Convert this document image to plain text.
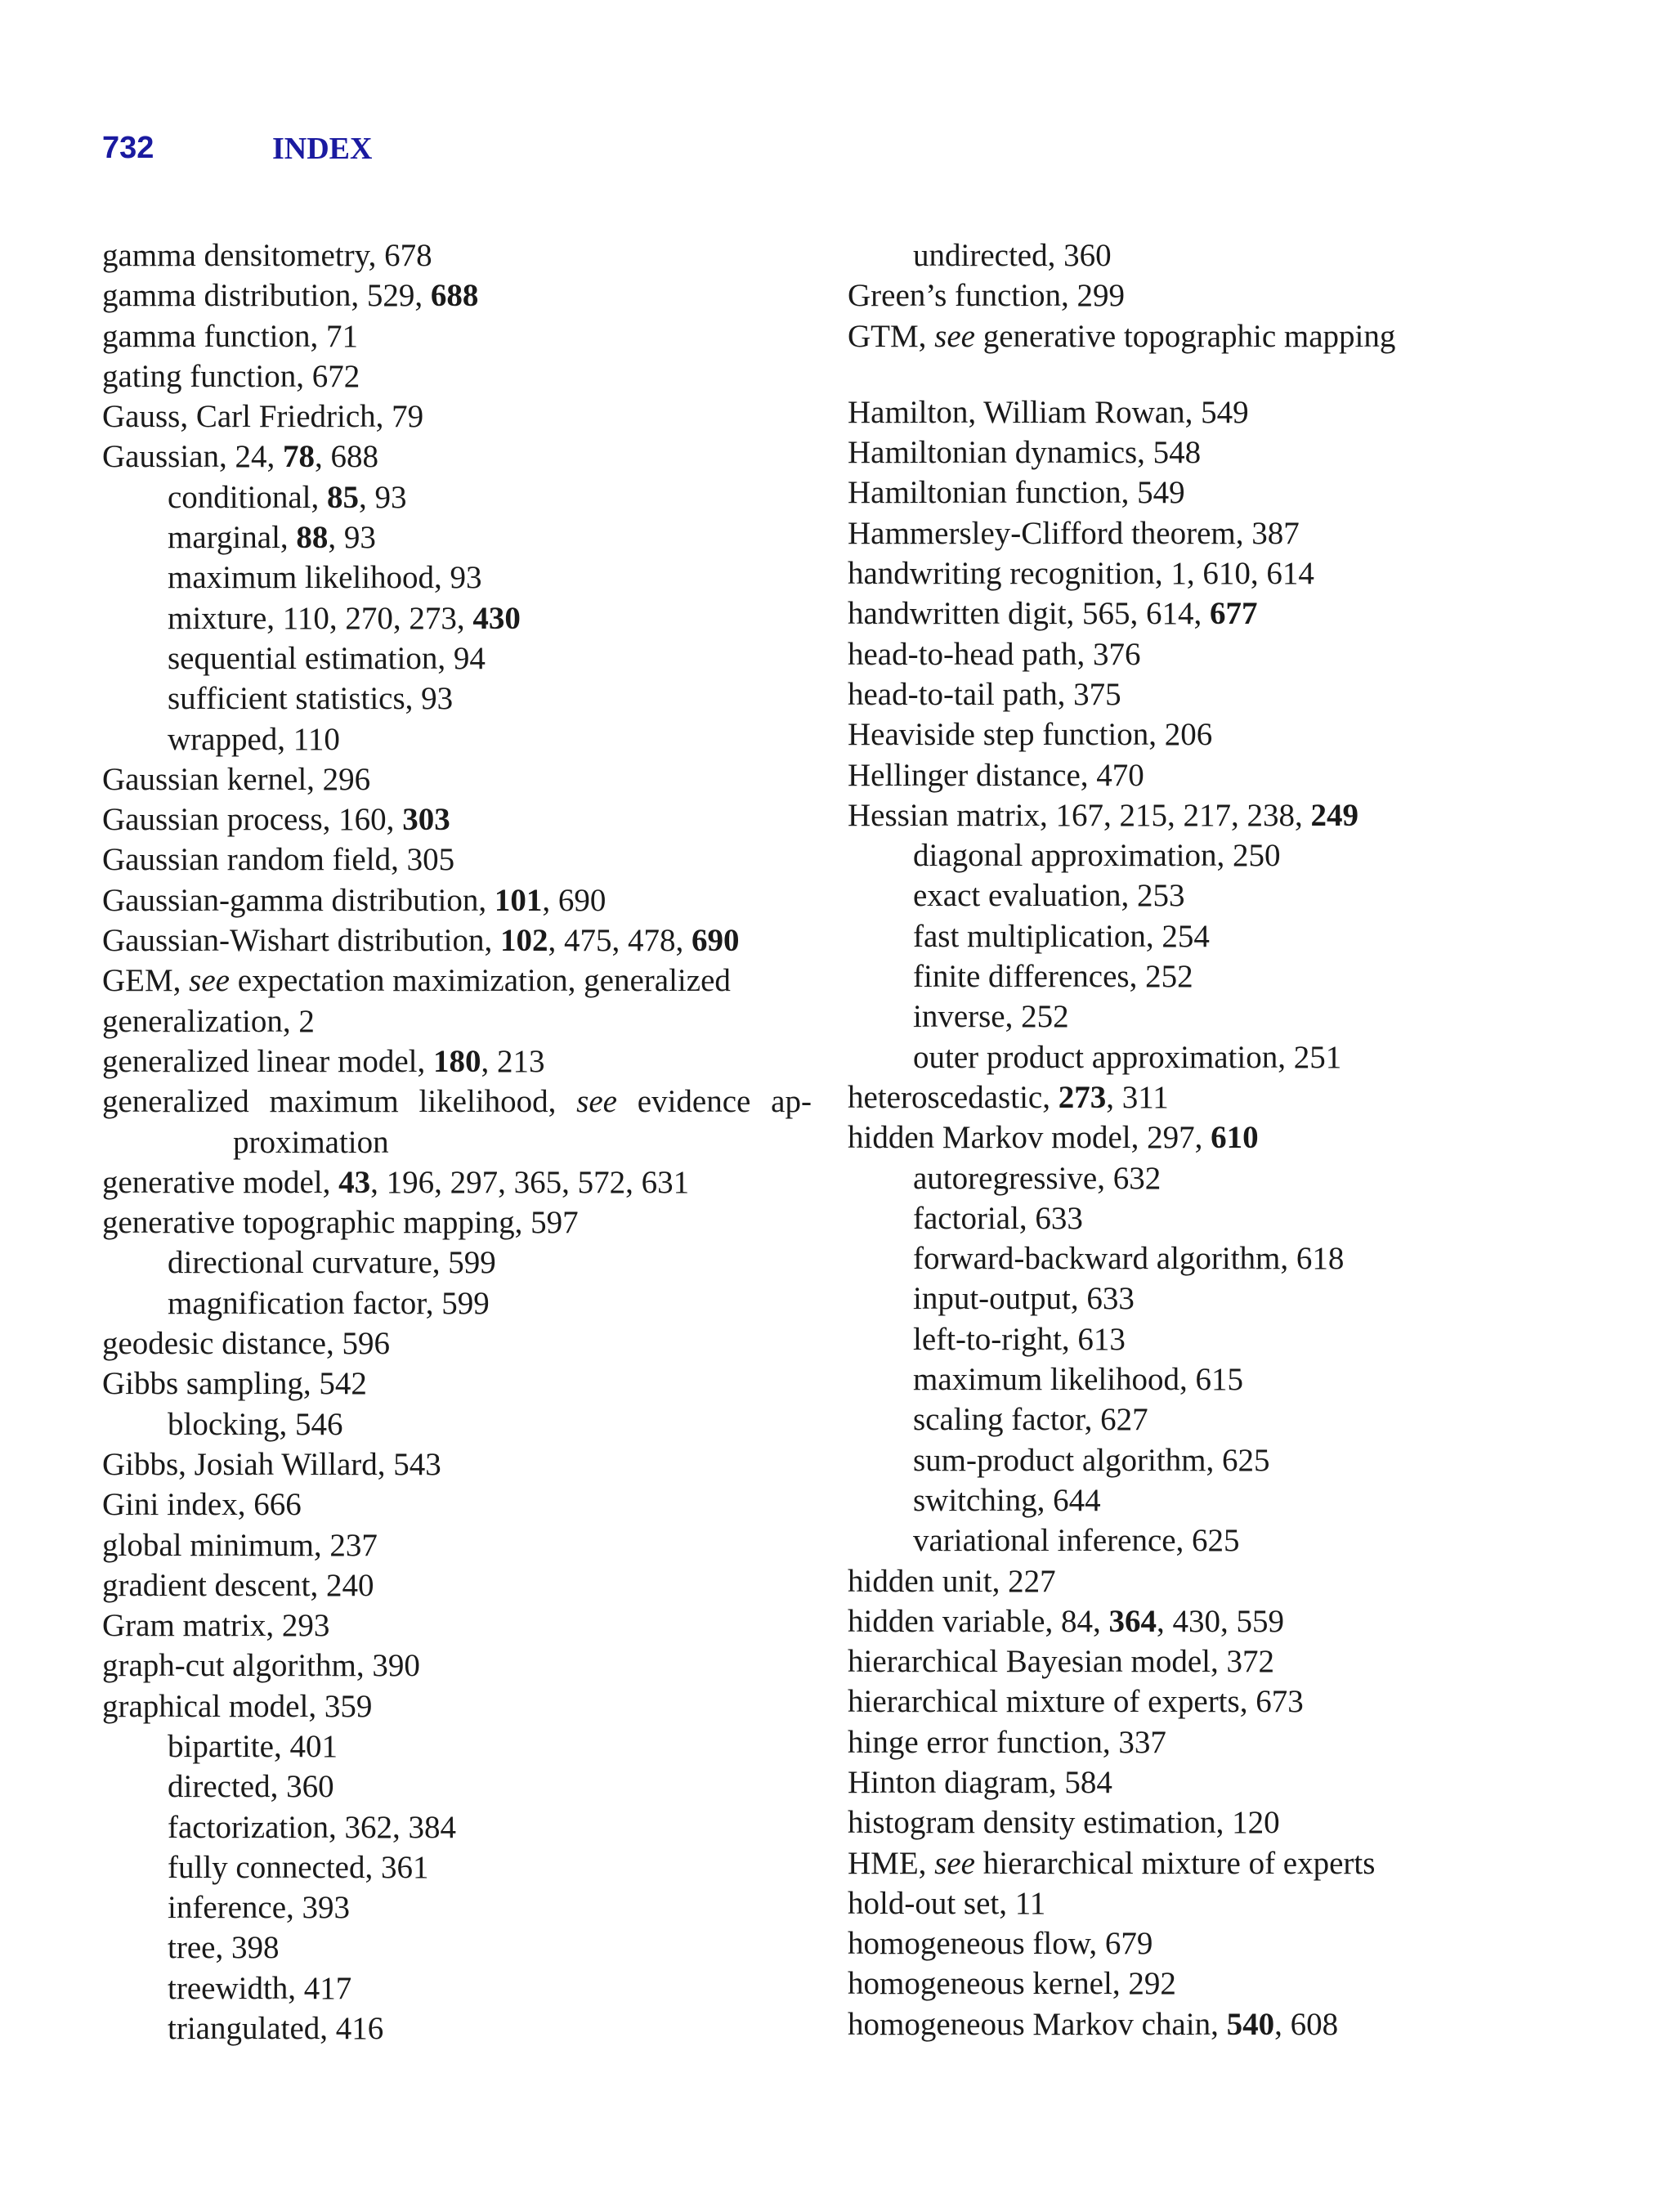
732	INDEX
gamma densitometry, 678
gamma distribution, 529, 688
gamma function, 71
gating function, 672
Gauss, Carl Friedrich, 79
Gaussian, 24, 78, 688
conditional, 85, 93
marginal, 88, 93
maximum likelihood, 93
mixture, 110, 270, 273, 430
sequential estimation, 94
sufficient statistics, 93
wrapped, 110
Gaussian kernel, 296
Gaussian process, 160, 303
Gaussian random field, 305
Gaussian-gamma distribution, 101, 690
Gaussian-Wishart distribution, 102, 475, 478, 690
GEM, see expectation maximization, generalized
generalization, 2
generalized linear model, 180, 213
generalized maximum likelihood, see evidence ap-
proximation
generative model, 43, 196, 297, 365, 572, 631
generative topographic mapping, 597
directional curvature, 599
magnification factor, 599
geodesic distance, 596
Gibbs sampling, 542
blocking, 546
Gibbs, Josiah Willard, 543
Gini index, 666
global minimum, 237
gradient descent, 240
Gram matrix, 293
graph-cut algorithm, 390
graphical model, 359
bipartite, 401
directed, 360
factorization, 362, 384
fully connected, 361
inference, 393
tree, 398
treewidth, 417
triangulated, 416
undirected, 360
Green’s function, 299
GTM, see generative topographic mapping
Hamilton, William Rowan, 549
Hamiltonian dynamics, 548
Hamiltonian function, 549
Hammersley-Clifford theorem, 387
handwriting recognition, 1, 610, 614
handwritten digit, 565, 614, 677
head-to-head path, 376
head-to-tail path, 375
Heaviside step function, 206
Hellinger distance, 470
Hessian matrix, 167, 215, 217, 238, 249
diagonal approximation, 250
exact evaluation, 253
fast multiplication, 254
finite differences, 252
inverse, 252
outer product approximation, 251
heteroscedastic, 273, 311
hidden Markov model, 297, 610
autoregressive, 632
factorial, 633
forward-backward algorithm, 618
input-output, 633
left-to-right, 613
maximum likelihood, 615
scaling factor, 627
sum-product algorithm, 625
switching, 644
variational inference, 625
hidden unit, 227
hidden variable, 84, 364, 430, 559
hierarchical Bayesian model, 372
hierarchical mixture of experts, 673
hinge error function, 337
Hinton diagram, 584
histogram density estimation, 120
HME, see hierarchical mixture of experts
hold-out set, 11
homogeneous flow, 679
homogeneous kernel, 292
homogeneous Markov chain, 540, 608
